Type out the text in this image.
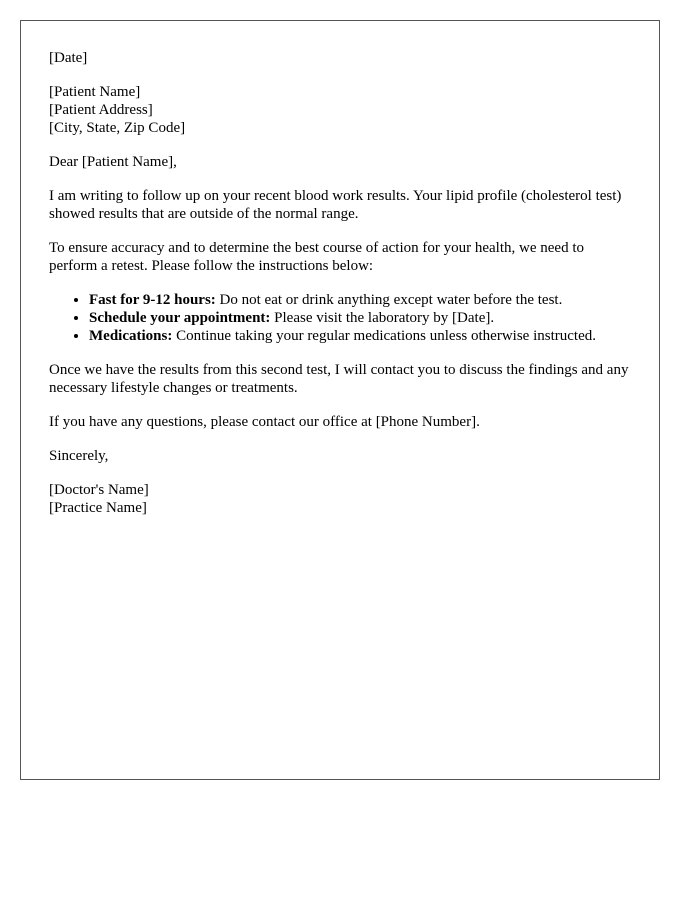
[Date]

[Patient Name]
[Patient Address]
[City, State, Zip Code]

Dear [Patient Name],

I am writing to follow up on your recent blood work results. Your lipid profile (cholesterol test) showed results that are outside of the normal range.

To ensure accuracy and to determine the best course of action for your health, we need to perform a retest. Please follow the instructions below:

• Fast for 9-12 hours: Do not eat or drink anything except water before the test.
• Schedule your appointment: Please visit the laboratory by [Date].
• Medications: Continue taking your regular medications unless otherwise instructed.

Once we have the results from this second test, I will contact you to discuss the findings and any necessary lifestyle changes or treatments.

If you have any questions, please contact our office at [Phone Number].

Sincerely,

[Doctor's Name]
[Practice Name]
